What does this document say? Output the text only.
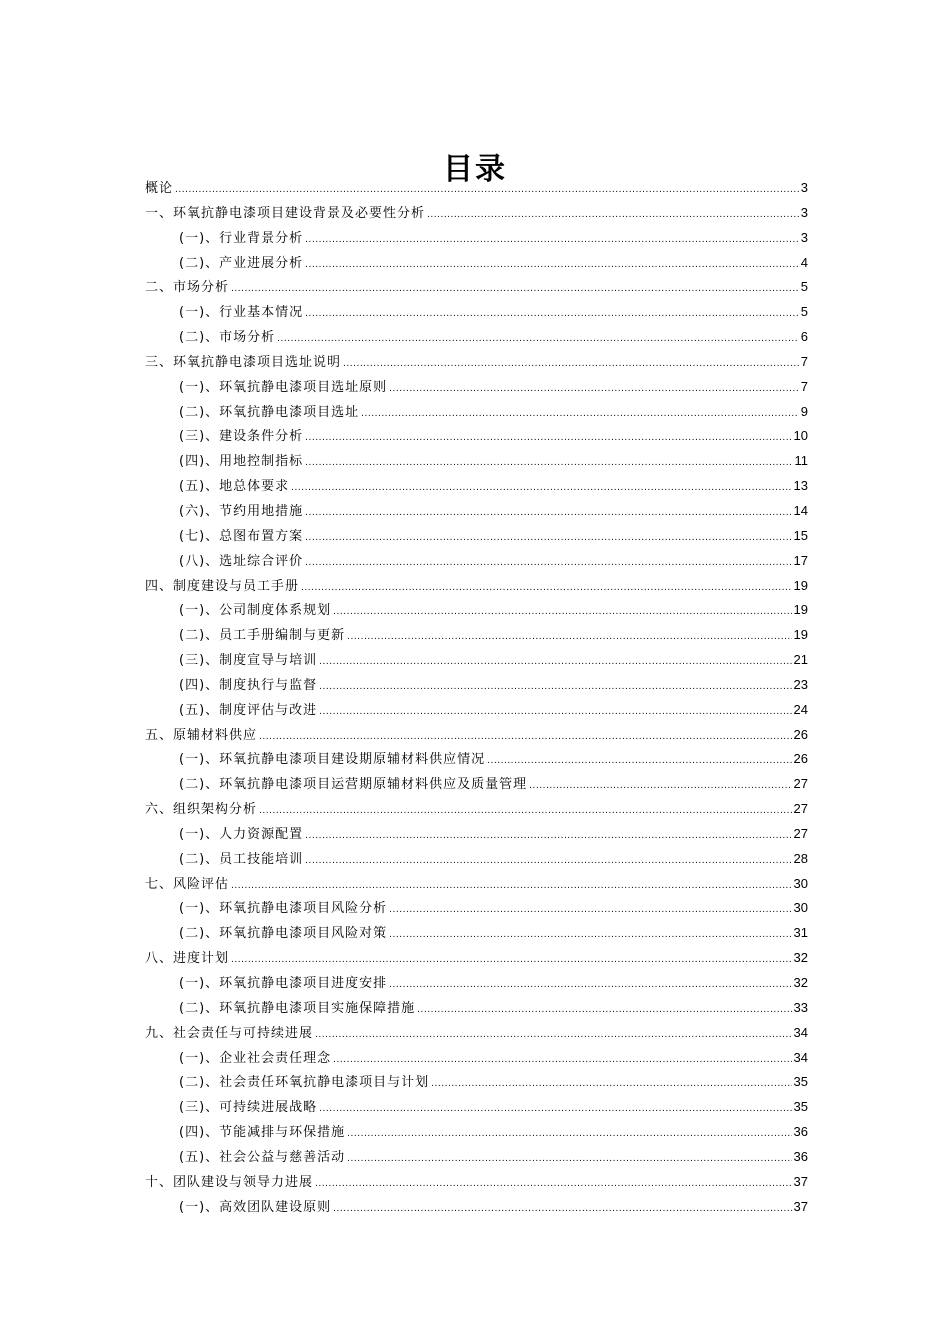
目录
概论 .....	3
一、环氧抗静电漆项目建设背景及必要性分析 .....	3
(一)、行业背景分析 .....	3
(二)、产业进展分析 .....	4
二、市场分析 .....	5
(一)、行业基本情况 .....	5
(二)、市场分析 .....	6
三、环氧抗静电漆项目选址说明 .....	7
(一)、环氧抗静电漆项目选址原则 .....	7
(二)、环氧抗静电漆项目选址 .....	9
(三)、建设条件分析 .....	10
(四)、用地控制指标 .....	11
(五)、地总体要求 .....	13
(六)、节约用地措施 .....	14
(七)、总图布置方案 .....	15
(八)、选址综合评价 .....	17
四、制度建设与员工手册 .....	19
(一)、公司制度体系规划 .....	19
(二)、员工手册编制与更新 .....	19
(三)、制度宣导与培训 .....	21
(四)、制度执行与监督 .....	23
(五)、制度评估与改进 .....	24
五、原辅材料供应 .....	26
(一)、环氧抗静电漆项目建设期原辅材料供应情况 .....	26
(二)、环氧抗静电漆项目运营期原辅材料供应及质量管理 .....	27
六、组织架构分析 .....	27
(一)、人力资源配置 .....	27
(二)、员工技能培训 .....	28
七、风险评估 .....	30
(一)、环氧抗静电漆项目风险分析 .....	30
(二)、环氧抗静电漆项目风险对策 .....	31
八、进度计划 .....	32
(一)、环氧抗静电漆项目进度安排 .....	32
(二)、环氧抗静电漆项目实施保障措施 .....	33
九、社会责任与可持续进展 .....	34
(一)、企业社会责任理念 .....	34
(二)、社会责任环氧抗静电漆项目与计划 .....	35
(三)、可持续进展战略 .....	35
(四)、节能减排与环保措施 .....	36
(五)、社会公益与慈善活动 .....	36
十、团队建设与领导力进展 .....	37
(一)、高效团队建设原则 .....	37
